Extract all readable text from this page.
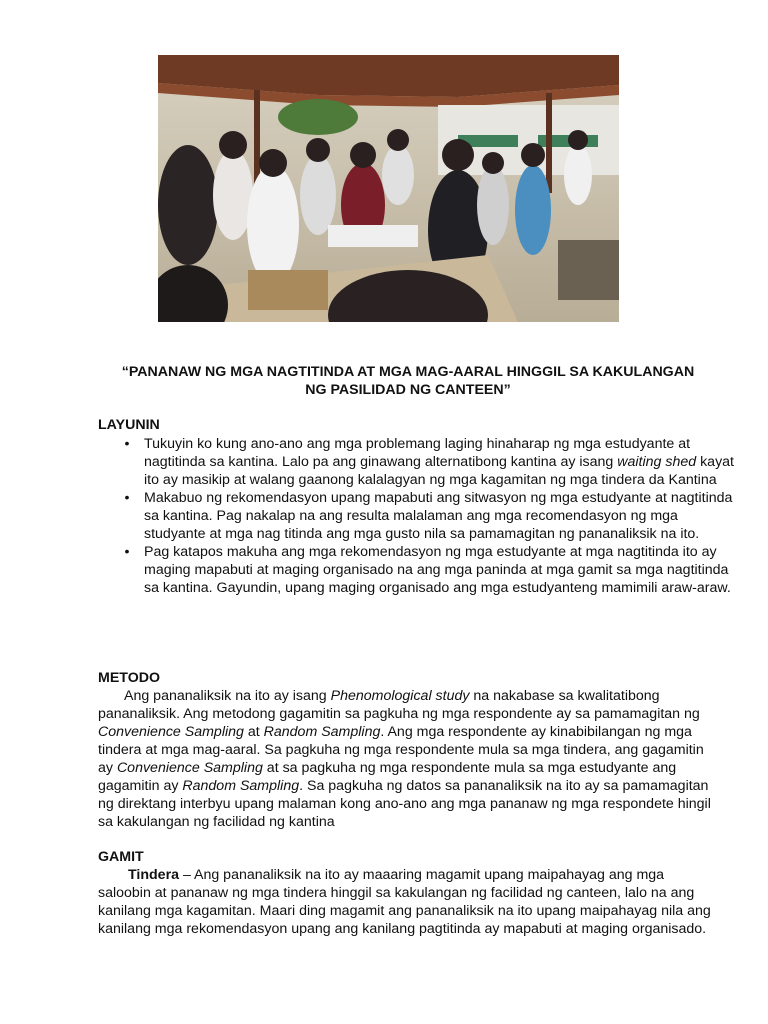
“PANANAW NG MGA NAGTITINDA AT MGA MAG-AARAL HINGGIL SA KAKULANGAN
NG PASILIDAD NG CANTEEN”
LAYUNIN
• Tukuyin ko kung ano-ano ang mga problemang laging hinaharap ng mga estudyante at nagtitinda sa kantina. Lalo pa ang ginawang alternatibong kantina ay isang waiting shed kayat ito ay masikip at walang gaanong kalalagyan ng mga kagamitan ng mga tindera da Kantina
• Makabuo ng rekomendasyon upang mapabuti ang sitwasyon ng mga estudyante at nagtitinda sa kantina. Pag nakalap na ang resulta malalaman ang mga recomendasyon ng mga studyante at mga nag titinda ang mga gusto nila sa pamamagitan ng pananaliksik na ito.
• Pag katapos makuha ang mga rekomendasyon ng mga estudyante at mga nagtitinda ito ay maging mapabuti at maging organisado na ang mga paninda at mga gamit sa mga nagtitinda sa kantina. Gayundin, upang maging organisado ang mga estudyanteng mamimili araw-araw.
METODO

Ang pananaliksik na ito ay isang Phenomological study na nakabase sa kwalitatibong pananaliksik. Ang metodong gagamitin sa pagkuha ng mga respondente ay sa pamamagitan ng Convenience Sampling at Random Sampling. Ang mga respondente ay kinabibilangan ng mga tindera at mga mag-aaral. Sa pagkuha ng mga respondente mula sa mga tindera, ang gagamitin ay Convenience Sampling at sa pagkuha ng mga respondente mula sa mga estudyante ang gagamitin ay Random Sampling. Sa pagkuha ng datos sa pananaliksik na ito ay sa pamamagitan ng direktang interbyu upang malaman kong ano-ano ang mga pananaw ng mga respondete hingil sa kakulangan ng facilidad ng kantina

GAMIT

Tindera – Ang pananaliksik na ito ay maaaring magamit upang maipahayag ang mga saloobin at pananaw ng mga tindera hinggil sa kakulangan ng facilidad ng canteen, lalo na ang kanilang mga kagamitan. Maari ding magamit ang pananaliksik na ito upang maipahayag nila ang kanilang mga rekomendasyon upang ang kanilang pagtitinda ay mapabuti at maging organisado.
